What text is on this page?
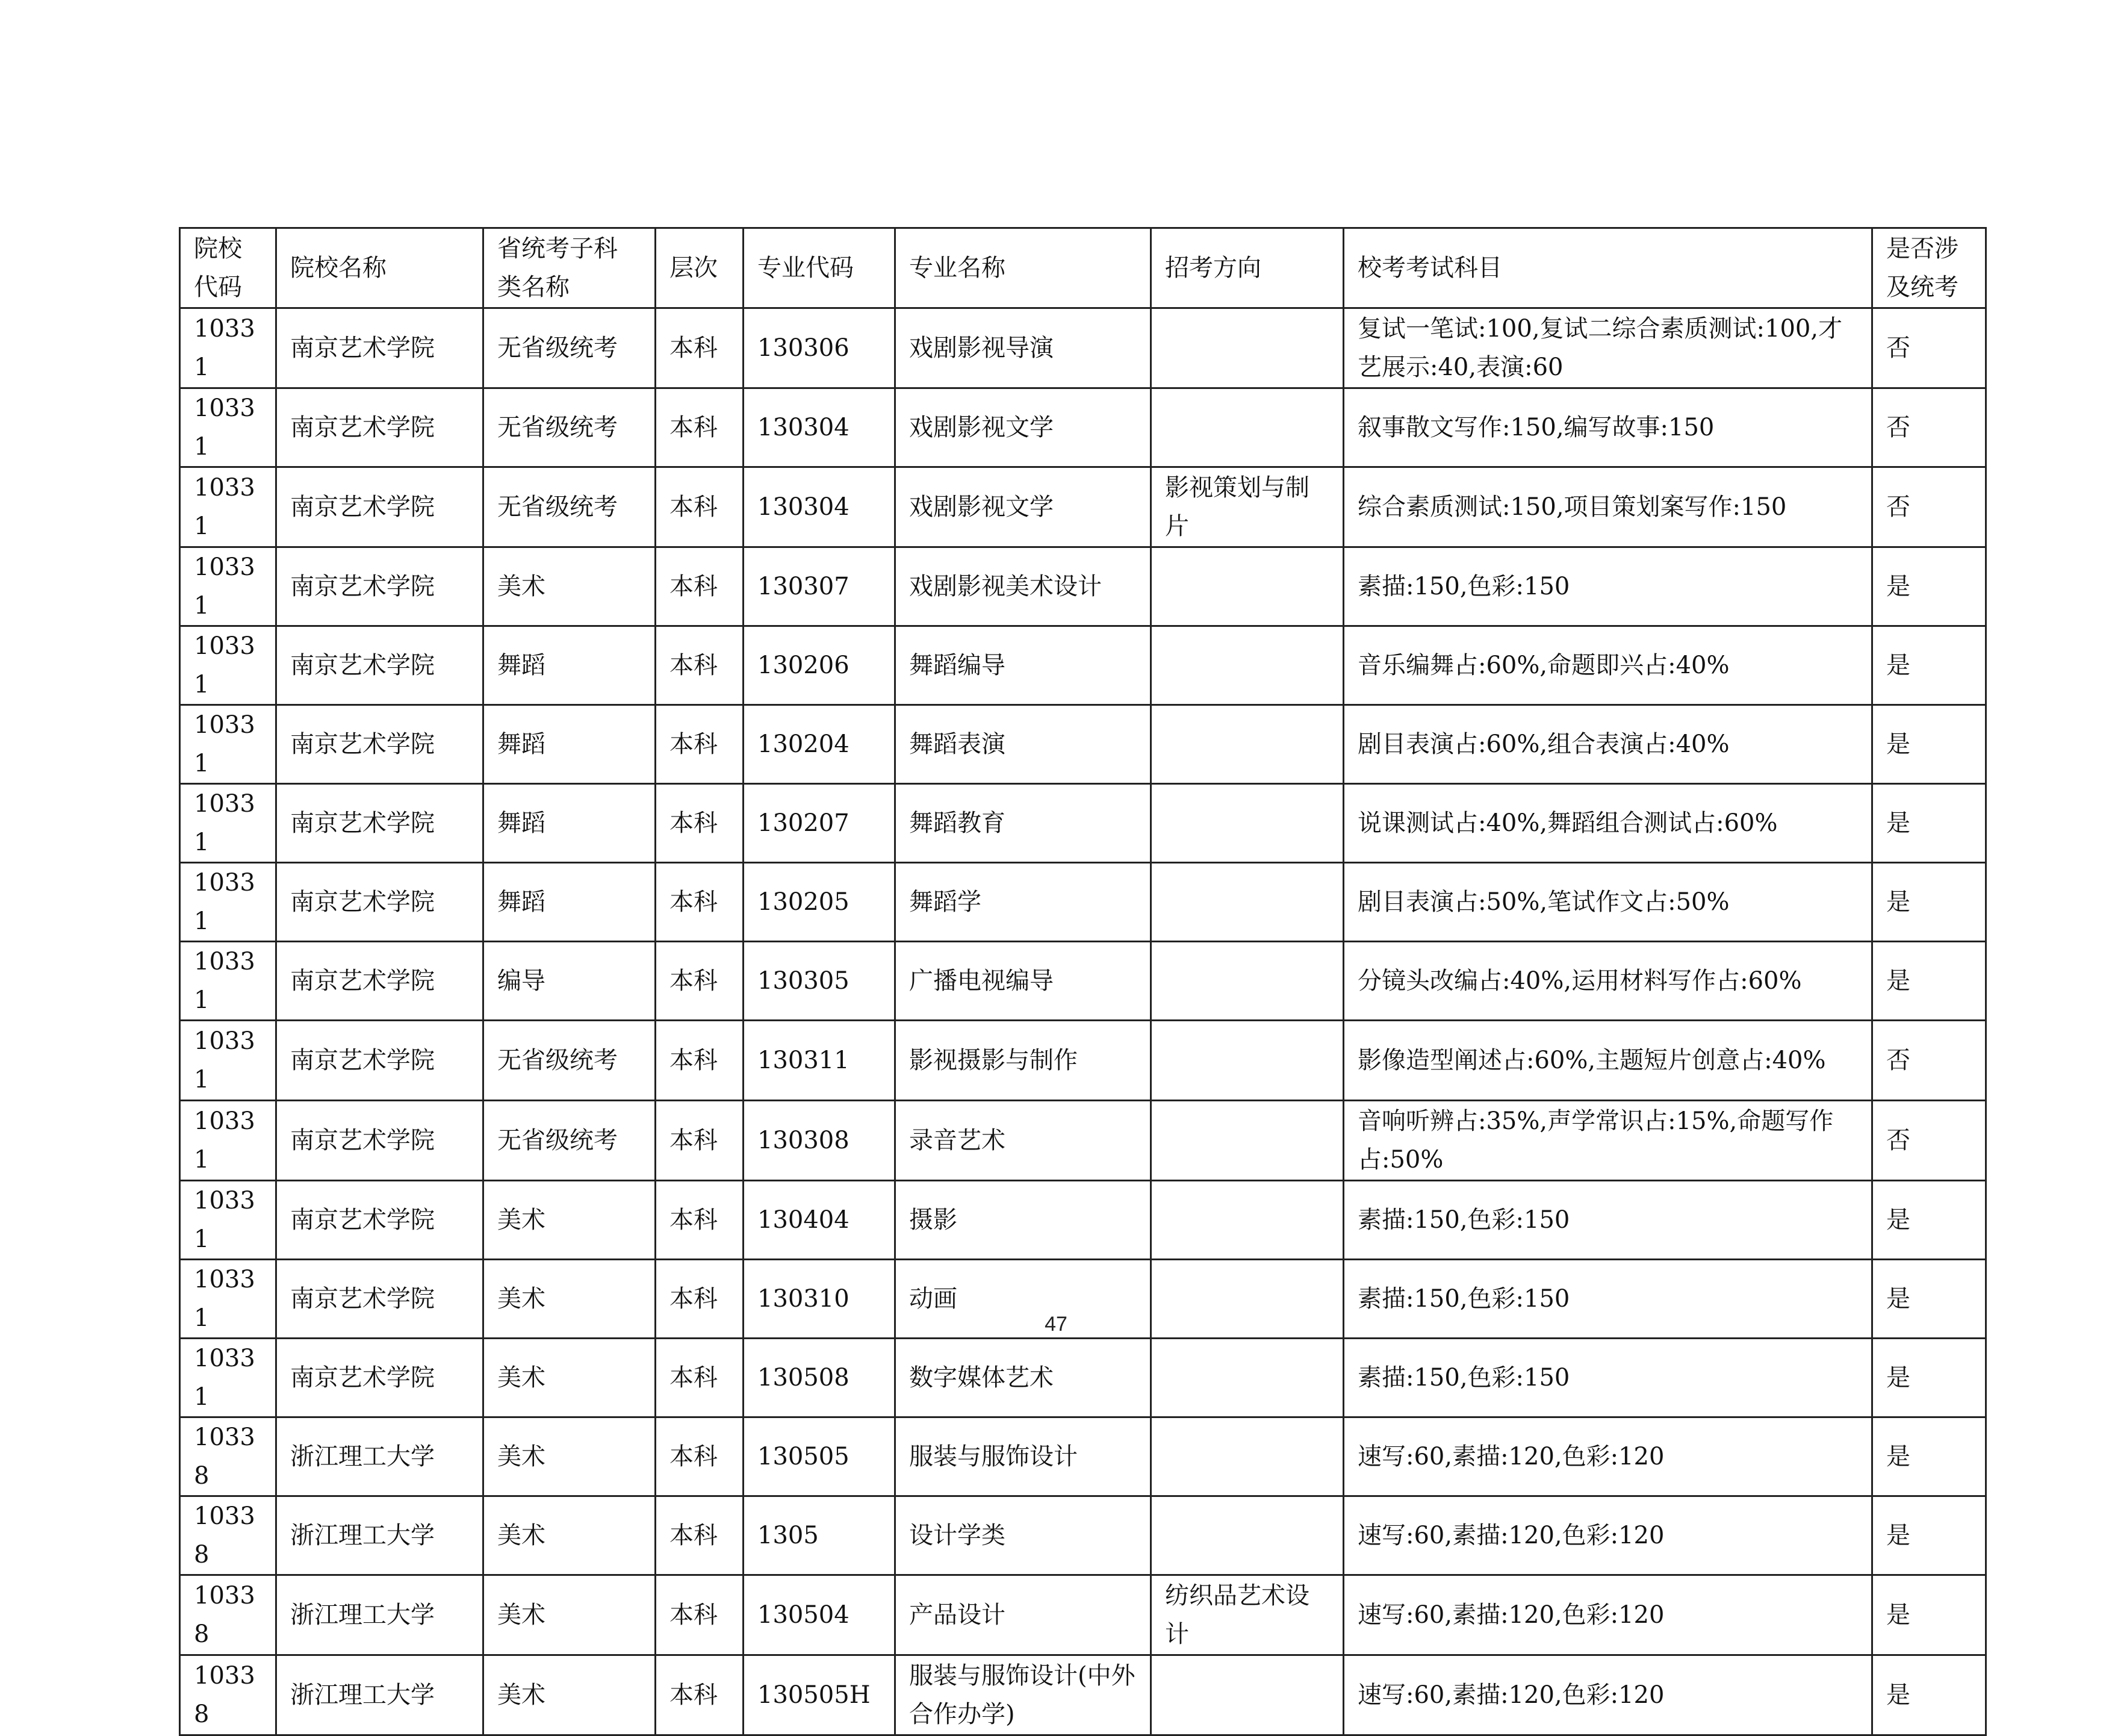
院校代码	院校名称	省统考子科类名称	层次	专业代码	专业名称	招考方向	校考考试科目	是否涉及统考
10331	南京艺术学院	无省级统考	本科	130306	戏剧影视导演		复试一笔试:100,复试二综合素质测试:100,才艺展示:40,表演:60	否
10331	南京艺术学院	无省级统考	本科	130304	戏剧影视文学		叙事散文写作:150,编写故事:150	否
10331	南京艺术学院	无省级统考	本科	130304	戏剧影视文学	影视策划与制片	综合素质测试:150,项目策划案写作:150	否
10331	南京艺术学院	美术	本科	130307	戏剧影视美术设计		素描:150,色彩:150	是
10331	南京艺术学院	舞蹈	本科	130206	舞蹈编导		音乐编舞占:60%,命题即兴占:40%	是
10331	南京艺术学院	舞蹈	本科	130204	舞蹈表演		剧目表演占:60%,组合表演占:40%	是
10331	南京艺术学院	舞蹈	本科	130207	舞蹈教育		说课测试占:40%,舞蹈组合测试占:60%	是
10331	南京艺术学院	舞蹈	本科	130205	舞蹈学		剧目表演占:50%,笔试作文占:50%	是
10331	南京艺术学院	编导	本科	130305	广播电视编导		分镜头改编占:40%,运用材料写作占:60%	是
10331	南京艺术学院	无省级统考	本科	130311	影视摄影与制作		影像造型阐述占:60%,主题短片创意占:40%	否
10331	南京艺术学院	无省级统考	本科	130308	录音艺术		音响听辨占:35%,声学常识占:15%,命题写作占:50%	否
10331	南京艺术学院	美术	本科	130404	摄影		素描:150,色彩:150	是
10331	南京艺术学院	美术	本科	130310	动画		素描:150,色彩:150	是
10331	南京艺术学院	美术	本科	130508	数字媒体艺术		素描:150,色彩:150	是
10338	浙江理工大学	美术	本科	130505	服装与服饰设计		速写:60,素描:120,色彩:120	是
10338	浙江理工大学	美术	本科	1305	设计学类		速写:60,素描:120,色彩:120	是
10338	浙江理工大学	美术	本科	130504	产品设计	纺织品艺术设计	速写:60,素描:120,色彩:120	是
10338	浙江理工大学	美术	本科	130505H	服装与服饰设计(中外合作办学)		速写:60,素描:120,色彩:120	是
47
